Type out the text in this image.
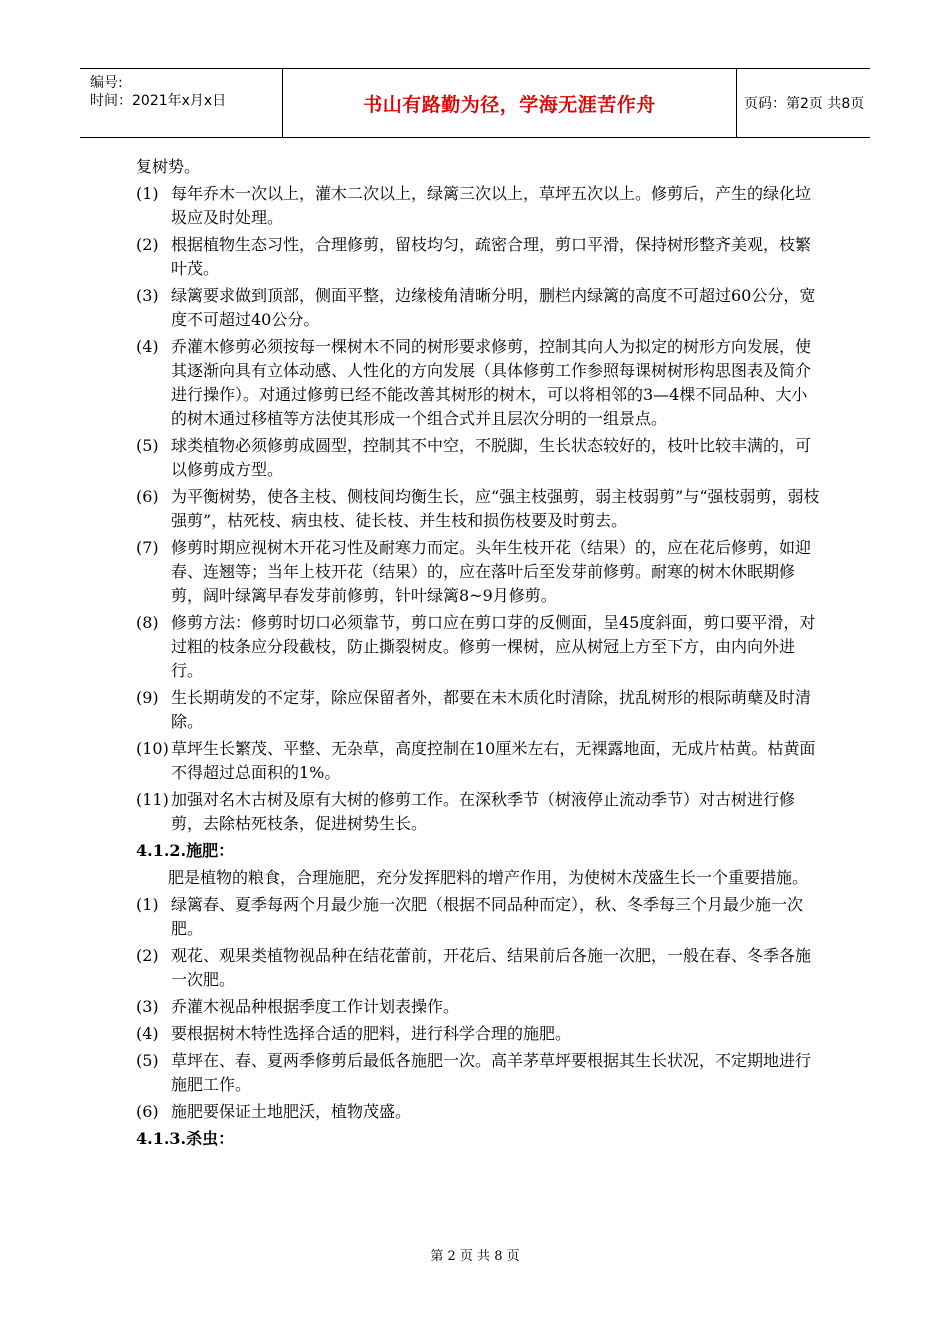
编号:
时间：2021年x月x日	书山有路勤为径，学海无涯苦作舟	页码：第2页 共8页

复树势。

(1) 每年乔木一次以上，灌木二次以上，绿篱三次以上，草坪五次以上。修剪后，产生的绿化垃圾应及时处理。
(2) 根据植物生态习性，合理修剪，留枝均匀，疏密合理，剪口平滑，保持树形整齐美观，枝繁叶茂。
(3) 绿篱要求做到顶部，侧面平整，边缘棱角清晰分明，删栏内绿篱的高度不可超过60公分，宽度不可超过40公分。
(4) 乔灌木修剪必须按每一棵树木不同的树形要求修剪，控制其向人为拟定的树形方向发展，使其逐渐向具有立体动感、人性化的方向发展（具体修剪工作参照每课树树形构思图表及简介进行操作）。对通过修剪已经不能改善其树形的树木，可以将相邻的3—4棵不同品种、大小的树木通过移植等方法使其形成一个组合式并且层次分明的一组景点。
(5) 球类植物必须修剪成圆型，控制其不中空，不脱脚，生长状态较好的，枝叶比较丰满的，可以修剪成方型。
(6) 为平衡树势，使各主枝、侧枝间均衡生长，应“强主枝强剪，弱主枝弱剪”与“强枝弱剪，弱枝强剪”，枯死枝、病虫枝、徒长枝、并生枝和损伤枝要及时剪去。
(7) 修剪时期应视树木开花习性及耐寒力而定。头年生枝开花（结果）的，应在花后修剪，如迎春、连翘等；当年上枝开花（结果）的，应在落叶后至发芽前修剪。耐寒的树木休眠期修剪，阔叶绿篱早春发芽前修剪，针叶绿篱8~9月修剪。
(8) 修剪方法：修剪时切口必须靠节，剪口应在剪口芽的反侧面，呈45度斜面，剪口要平滑，对过粗的枝条应分段截枝，防止撕裂树皮。修剪一棵树，应从树冠上方至下方，由内向外进行。
(9) 生长期萌发的不定芽，除应保留者外，都要在未木质化时清除，扰乱树形的根际萌蘖及时清除。
(10) 草坪生长繁茂、平整、无杂草，高度控制在10厘米左右，无裸露地面，无成片枯黄。枯黄面不得超过总面积的1%。
(11) 加强对名木古树及原有大树的修剪工作。在深秋季节（树液停止流动季节）对古树进行修剪，去除枯死枝条，促进树势生长。

4.1.2.施肥：

肥是植物的粮食，合理施肥，充分发挥肥料的增产作用，为使树木茂盛生长一个重要措施。

(1) 绿篱春、夏季每两个月最少施一次肥（根据不同品种而定），秋、冬季每三个月最少施一次肥。
(2) 观花、观果类植物视品种在结花蕾前，开花后、结果前后各施一次肥，一般在春、冬季各施一次肥。
(3) 乔灌木视品种根据季度工作计划表操作。
(4) 要根据树木特性选择合适的肥料，进行科学合理的施肥。
(5) 草坪在、春、夏两季修剪后最低各施肥一次。高羊茅草坪要根据其生长状况，不定期地进行施肥工作。
(6) 施肥要保证土地肥沃，植物茂盛。

4.1.3.杀虫：

第 2 页 共 8 页
